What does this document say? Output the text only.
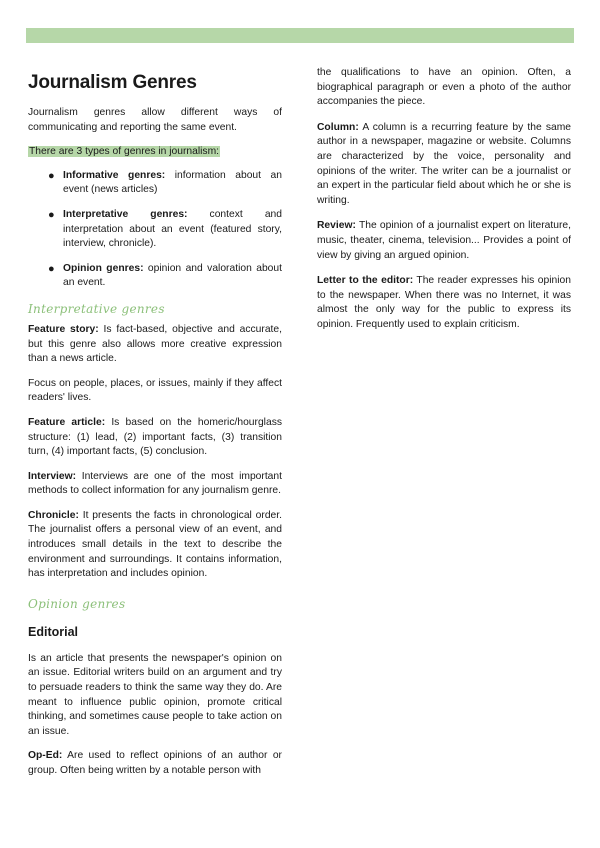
Journalism Genres

Journalism genres allow different ways of communicating and reporting the same event.

There are 3 types of genres in journalism:
● Informative genres: information about an event (news articles)
● Interpretative genres: context and interpretation about an event (featured story, interview, chronicle).
● Opinion genres: opinion and valoration about an event.
Interpretative genres

Feature story: Is fact-based, objective and accurate, but this genre also allows more creative expression than a news article.

Focus on people, places, or issues, mainly if they affect readers' lives.

Feature article: Is based on the homeric/hourglass structure: (1) lead, (2) important facts, (3) transition turn, (4) important facts, (5) conclusion.

Interview: Interviews are one of the most important methods to collect information for any journalism genre.

Chronicle: It presents the facts in chronological order. The journalist offers a personal view of an event, and introduces small details in the text to describe the environment and surroundings. It contains information, has interpretation and includes opinion.

Opinion genres
Editorial

Is an article that presents the newspaper's opinion on an issue. Editorial writers build on an argument and try to persuade readers to think the same way they do. Are meant to influence public opinion, promote critical thinking, and sometimes cause people to take action on an issue.

Op-Ed: Are used to reflect opinions of an author or group. Often being written by a notable person with

the qualifications to have an opinion. Often, a biographical paragraph or even a photo of the author accompanies the piece.

Column: A column is a recurring feature by the same author in a newspaper, magazine or website. Columns are characterized by the voice, personality and opinions of the writer. The writer can be a journalist or an expert in the particular field about which he or she is writing.

Review: The opinion of a journalist expert on literature, music, theater, cinema, television... Provides a point of view by giving an argued opinion.

Letter to the editor: The reader expresses his opinion to the newspaper. When there was no Internet, it was almost the only way for the public to express its opinion. Frequently used to explain criticism.
